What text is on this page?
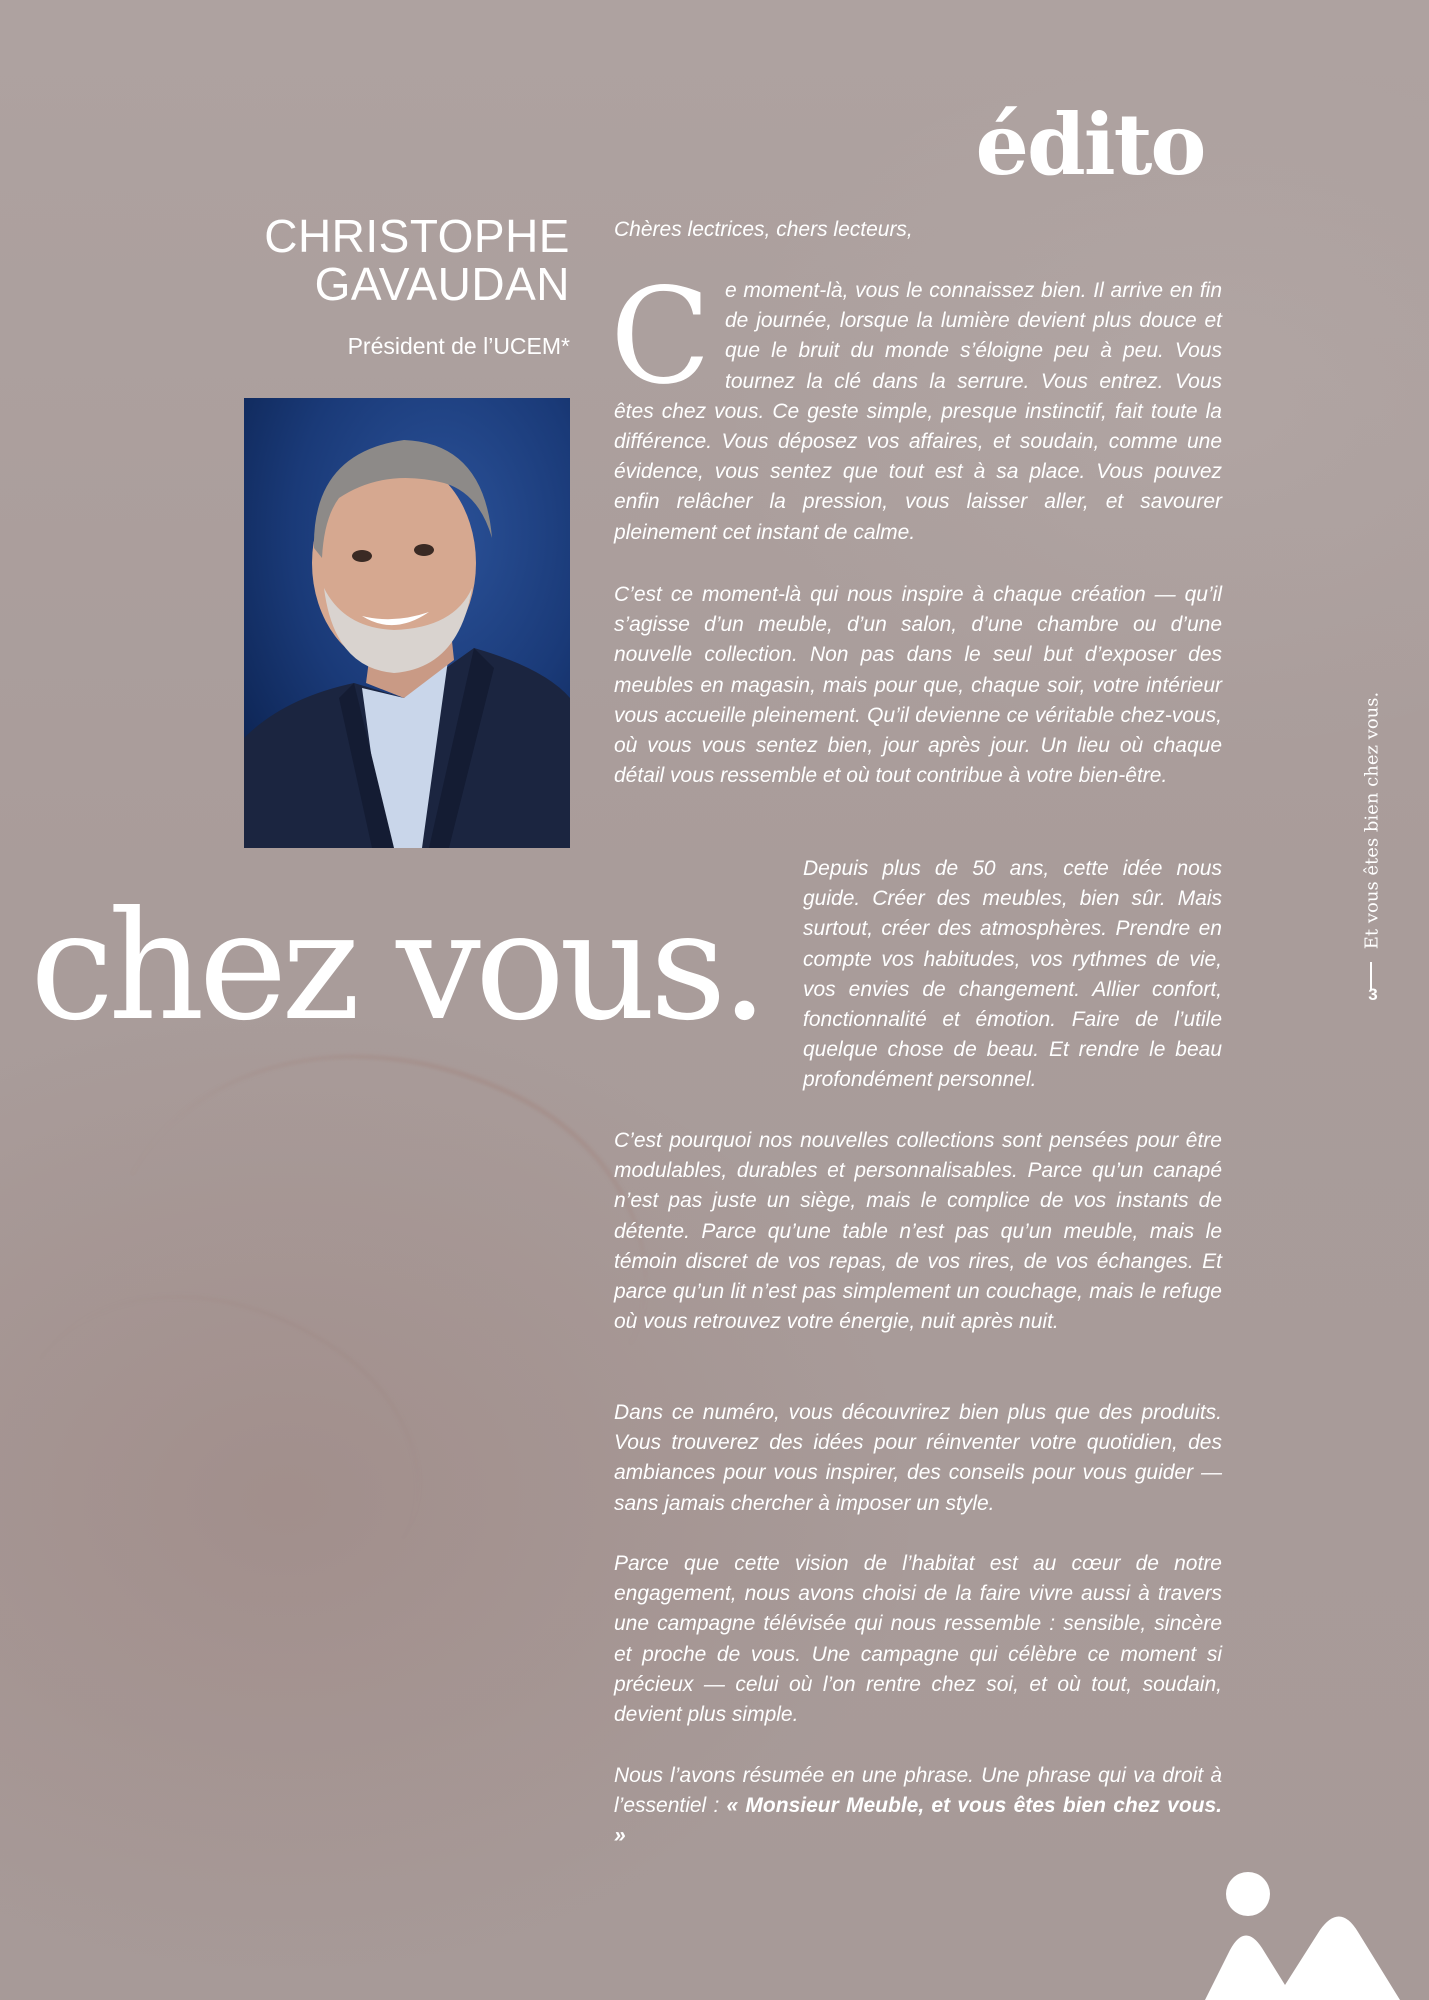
édito
CHRISTOPHE
GAVAUDAN
Président de l’UCEM*
chez vous.
Chères lectrices, chers lecteurs,

Ce moment-là, vous le connaissez bien. Il arrive en fin de journée, lorsque la lumière devient plus douce et que le bruit du monde s’éloigne peu à peu. Vous tournez la clé dans la serrure. Vous entrez. Vous êtes chez vous. Ce geste simple, presque instinctif, fait toute la différence. Vous déposez vos affaires, et soudain, comme une évidence, vous sentez que tout est à sa place. Vous pouvez enfin relâcher la pression, vous laisser aller, et savourer pleinement cet instant de calme.

C’est ce moment-là qui nous inspire à chaque création — qu’il s’agisse d’un meuble, d’un salon, d’une chambre ou d’une nouvelle collection. Non pas dans le seul but d’exposer des meubles en magasin, mais pour que, chaque soir, votre intérieur vous accueille pleinement. Qu’il devienne ce véritable chez-vous, où vous vous sentez bien, jour après jour. Un lieu où chaque détail vous ressemble et où tout contribue à votre bien-être.

Depuis plus de 50 ans, cette idée nous guide. Créer des meubles, bien sûr. Mais surtout, créer des atmosphères. Prendre en compte vos habitudes, vos rythmes de vie, vos envies de changement. Allier confort, fonctionnalité et émotion. Faire de l’utile quelque chose de beau. Et rendre le beau profondément personnel.

C’est pourquoi nos nouvelles collections sont pensées pour être modulables, durables et personnalisables. Parce qu’un canapé n’est pas juste un siège, mais le complice de vos instants de détente. Parce qu’une table n’est pas qu’un meuble, mais le témoin discret de vos repas, de vos rires, de vos échanges. Et parce qu’un lit n’est pas simplement un couchage, mais le refuge où vous retrouvez votre énergie, nuit après nuit.

Dans ce numéro, vous découvrirez bien plus que des produits. Vous trouverez des idées pour réinventer votre quotidien, des ambiances pour vous inspirer, des conseils pour vous guider — sans jamais chercher à imposer un style.

Parce que cette vision de l’habitat est au cœur de notre engagement, nous avons choisi de la faire vivre aussi à travers une campagne télévisée qui nous ressemble : sensible, sincère et proche de vous. Une campagne qui célèbre ce moment si précieux — celui où l’on rentre chez soi, et où tout, soudain, devient plus simple.

Nous l’avons résumée en une phrase. Une phrase qui va droit à l’essentiel : « Monsieur Meuble, et vous êtes bien chez vous. »

Et vous êtes bien chez vous.
3
